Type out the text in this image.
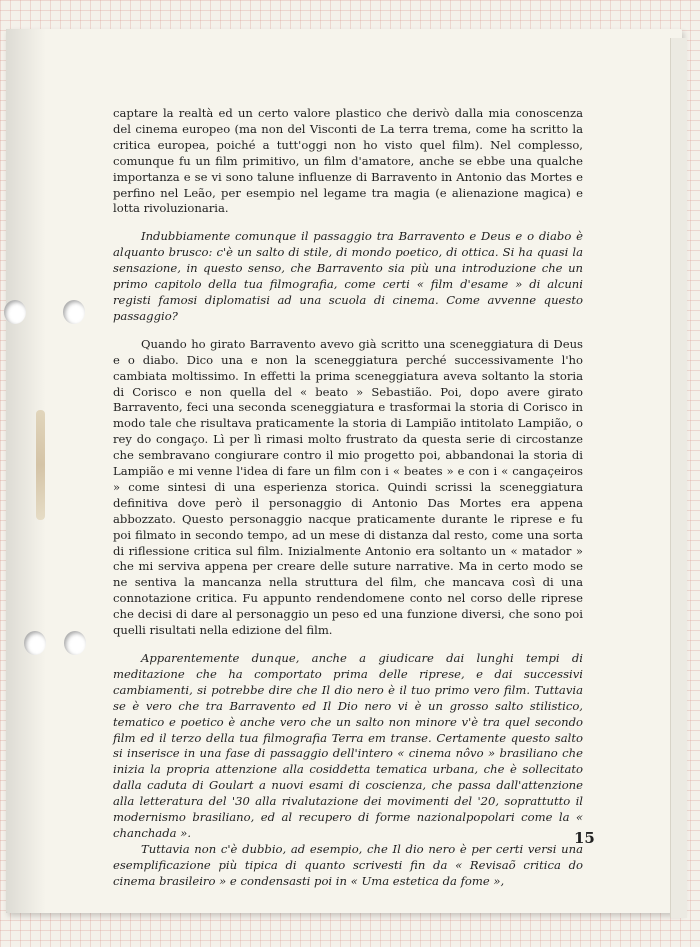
captare la realtà ed un certo valore plastico che derivò dalla mia conoscenza del cinema europeo (ma non del Visconti de La terra trema, come ha scritto la critica europea, poiché a tutt'oggi non ho visto quel film). Nel complesso, comunque fu un film primitivo, un film d'amatore, anche se ebbe una qualche importanza e se vi sono talune influenze di Barravento in Antonio das Mortes e perfino nel Leão, per esempio nel legame tra magia (e alienazione magica) e lotta rivoluzionaria.

Indubbiamente comunque il passaggio tra Barravento e Deus e o diabo è alquanto brusco: c'è un salto di stile, di mondo poetico, di ottica. Si ha quasi la sensazione, in questo senso, che Barravento sia più una introduzione che un primo capitolo della tua filmografia, come certi « film d'esame » di alcuni registi famosi diplomatisi ad una scuola di cinema. Come avvenne questo passaggio?

Quando ho girato Barravento avevo già scritto una sceneggiatura di Deus e o diabo. Dico una e non la sceneggiatura perché successivamente l'ho cambiata moltissimo. In effetti la prima sceneggiatura aveva soltanto la storia di Corisco e non quella del « beato » Sebastião. Poi, dopo avere girato Barravento, feci una seconda sceneggiatura e trasformai la storia di Corisco in modo tale che risultava praticamente la storia di Lampião intitolato Lampião, o rey do congaço. Lì per lì rimasi molto frustrato da questa serie di circostanze che sembravano congiurare contro il mio progetto poi, abbandonai la storia di Lampião e mi venne l'idea di fare un film con i « beates » e con i « cangaçeiros » come sintesi di una esperienza storica. Quindi scrissi la sceneggiatura definitiva dove però il personaggio di Antonio Das Mortes era appena abbozzato. Questo personaggio nacque praticamente durante le riprese e fu poi filmato in secondo tempo, ad un mese di distanza dal resto, come una sorta di riflessione critica sul film. Inizialmente Antonio era soltanto un « matador » che mi serviva appena per creare delle suture narrative. Ma in certo modo se ne sentiva la mancanza nella struttura del film, che mancava così di una connotazione critica. Fu appunto rendendomene conto nel corso delle riprese che decisi di dare al personaggio un peso ed una funzione diversi, che sono poi quelli risultati nella edizione del film.

Apparentemente dunque, anche a giudicare dai lunghi tempi di meditazione che ha comportato prima delle riprese, e dai successivi cambiamenti, si potrebbe dire che Il dio nero è il tuo primo vero film. Tuttavia se è vero che tra Barravento ed Il Dio nero vi è un grosso salto stilistico, tematico e poetico è anche vero che un salto non minore v'è tra quel secondo film ed il terzo della tua filmografia Terra em transe. Certamente questo salto si inserisce in una fase di passaggio dell'intero « cinema nôvo » brasiliano che inizia la propria attenzione alla cosiddetta tematica urbana, che è sollecitato dalla caduta di Goulart a nuovi esami di coscienza, che passa dall'attenzione alla letteratura del '30 alla rivalutazione dei movimenti del '20, soprattutto il modernismo brasiliano, ed al recupero di forme nazionalpopolari come la « chanchada ».

Tuttavia non c'è dubbio, ad esempio, che Il dio nero è per certi versi una esemplificazione più tipica di quanto scrivesti fin da « Revisaõ critica do cinema brasileiro » e condensasti poi in « Uma estetica da fome »,

15
